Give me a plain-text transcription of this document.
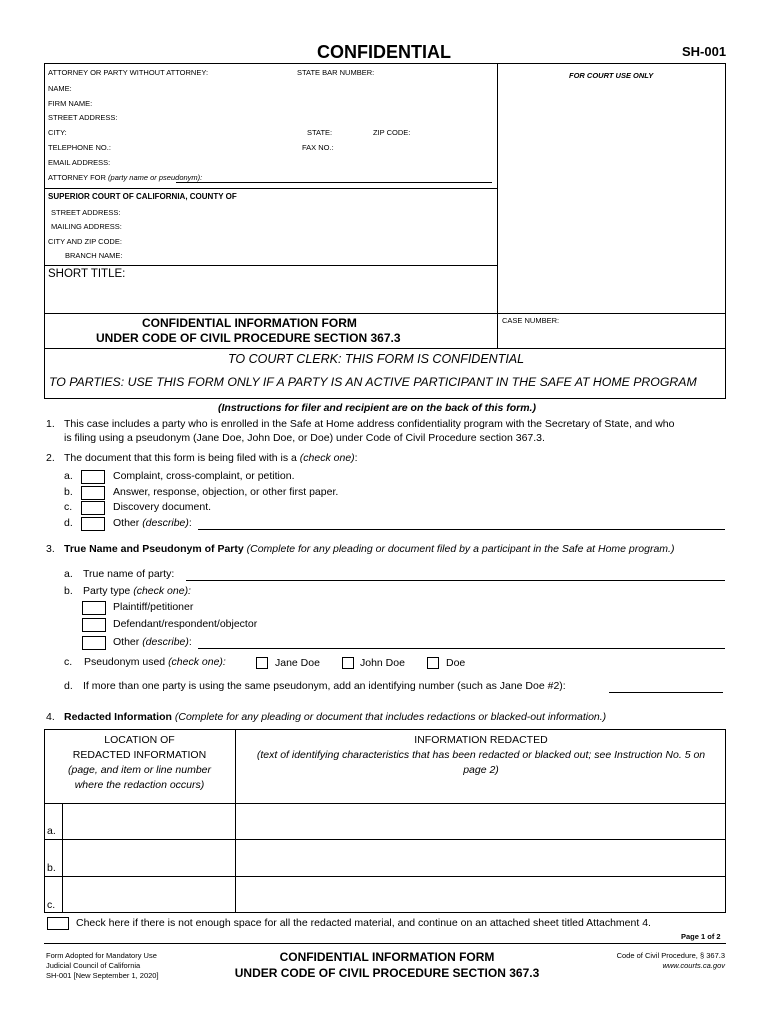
CONFIDENTIAL	SH-001
ATTORNEY OR PARTY WITHOUT ATTORNEY:	STATE BAR NUMBER:	FOR COURT USE ONLY
NAME:
FIRM NAME:
STREET ADDRESS:
CITY:	STATE:	ZIP CODE:
TELEPHONE NO.:	FAX NO.:
EMAIL ADDRESS:
ATTORNEY FOR (party name or pseudonym):
SUPERIOR COURT OF CALIFORNIA, COUNTY OF
STREET ADDRESS:
MAILING ADDRESS:
CITY AND ZIP CODE:
BRANCH NAME:
SHORT TITLE:
CONFIDENTIAL INFORMATION FORM
UNDER CODE OF CIVIL PROCEDURE SECTION 367.3
CASE NUMBER:
TO COURT CLERK: THIS FORM IS CONFIDENTIAL
TO PARTIES: USE THIS FORM ONLY IF A PARTY IS AN ACTIVE PARTICIPANT IN THE SAFE AT HOME PROGRAM
(Instructions for filer and recipient are on the back of this form.)
1. This case includes a party who is enrolled in the Safe at Home address confidentiality program with the Secretary of State, and who
is filing using a pseudonym (Jane Doe, John Doe, or Doe) under Code of Civil Procedure section 367.3.
2. The document that this form is being filed with is a (check one):
a.	Complaint, cross-complaint, or petition.
b.	Answer, response, objection, or other first paper.
c.	Discovery document.
d.	Other (describe):
3. True Name and Pseudonym of Party (Complete for any pleading or document filed by a participant in the Safe at Home program.)
a. True name of party:
b. Party type (check one):
Plaintiff/petitioner
Defendant/respondent/objector
Other (describe):
c. Pseudonym used (check one):	Jane Doe	John Doe	Doe
d. If more than one party is using the same pseudonym, add an identifying number (such as Jane Doe #2):
4. Redacted Information (Complete for any pleading or document that includes redactions or blacked-out information.)
LOCATION OF
REDACTED INFORMATION
(page, and item or line number
where the redaction occurs)
INFORMATION REDACTED
(text of identifying characteristics that has been redacted or blacked out; see Instruction No. 5 on
page 2)
a.
b.
c.
Check here if there is not enough space for all the redacted material, and continue on an attached sheet titled Attachment 4.
Page 1 of 2
Form Adopted for Mandatory Use
Judicial Council of California
SH-001 [New September 1, 2020]
CONFIDENTIAL INFORMATION FORM
UNDER CODE OF CIVIL PROCEDURE SECTION 367.3
Code of Civil Procedure, § 367.3
www.courts.ca.gov
